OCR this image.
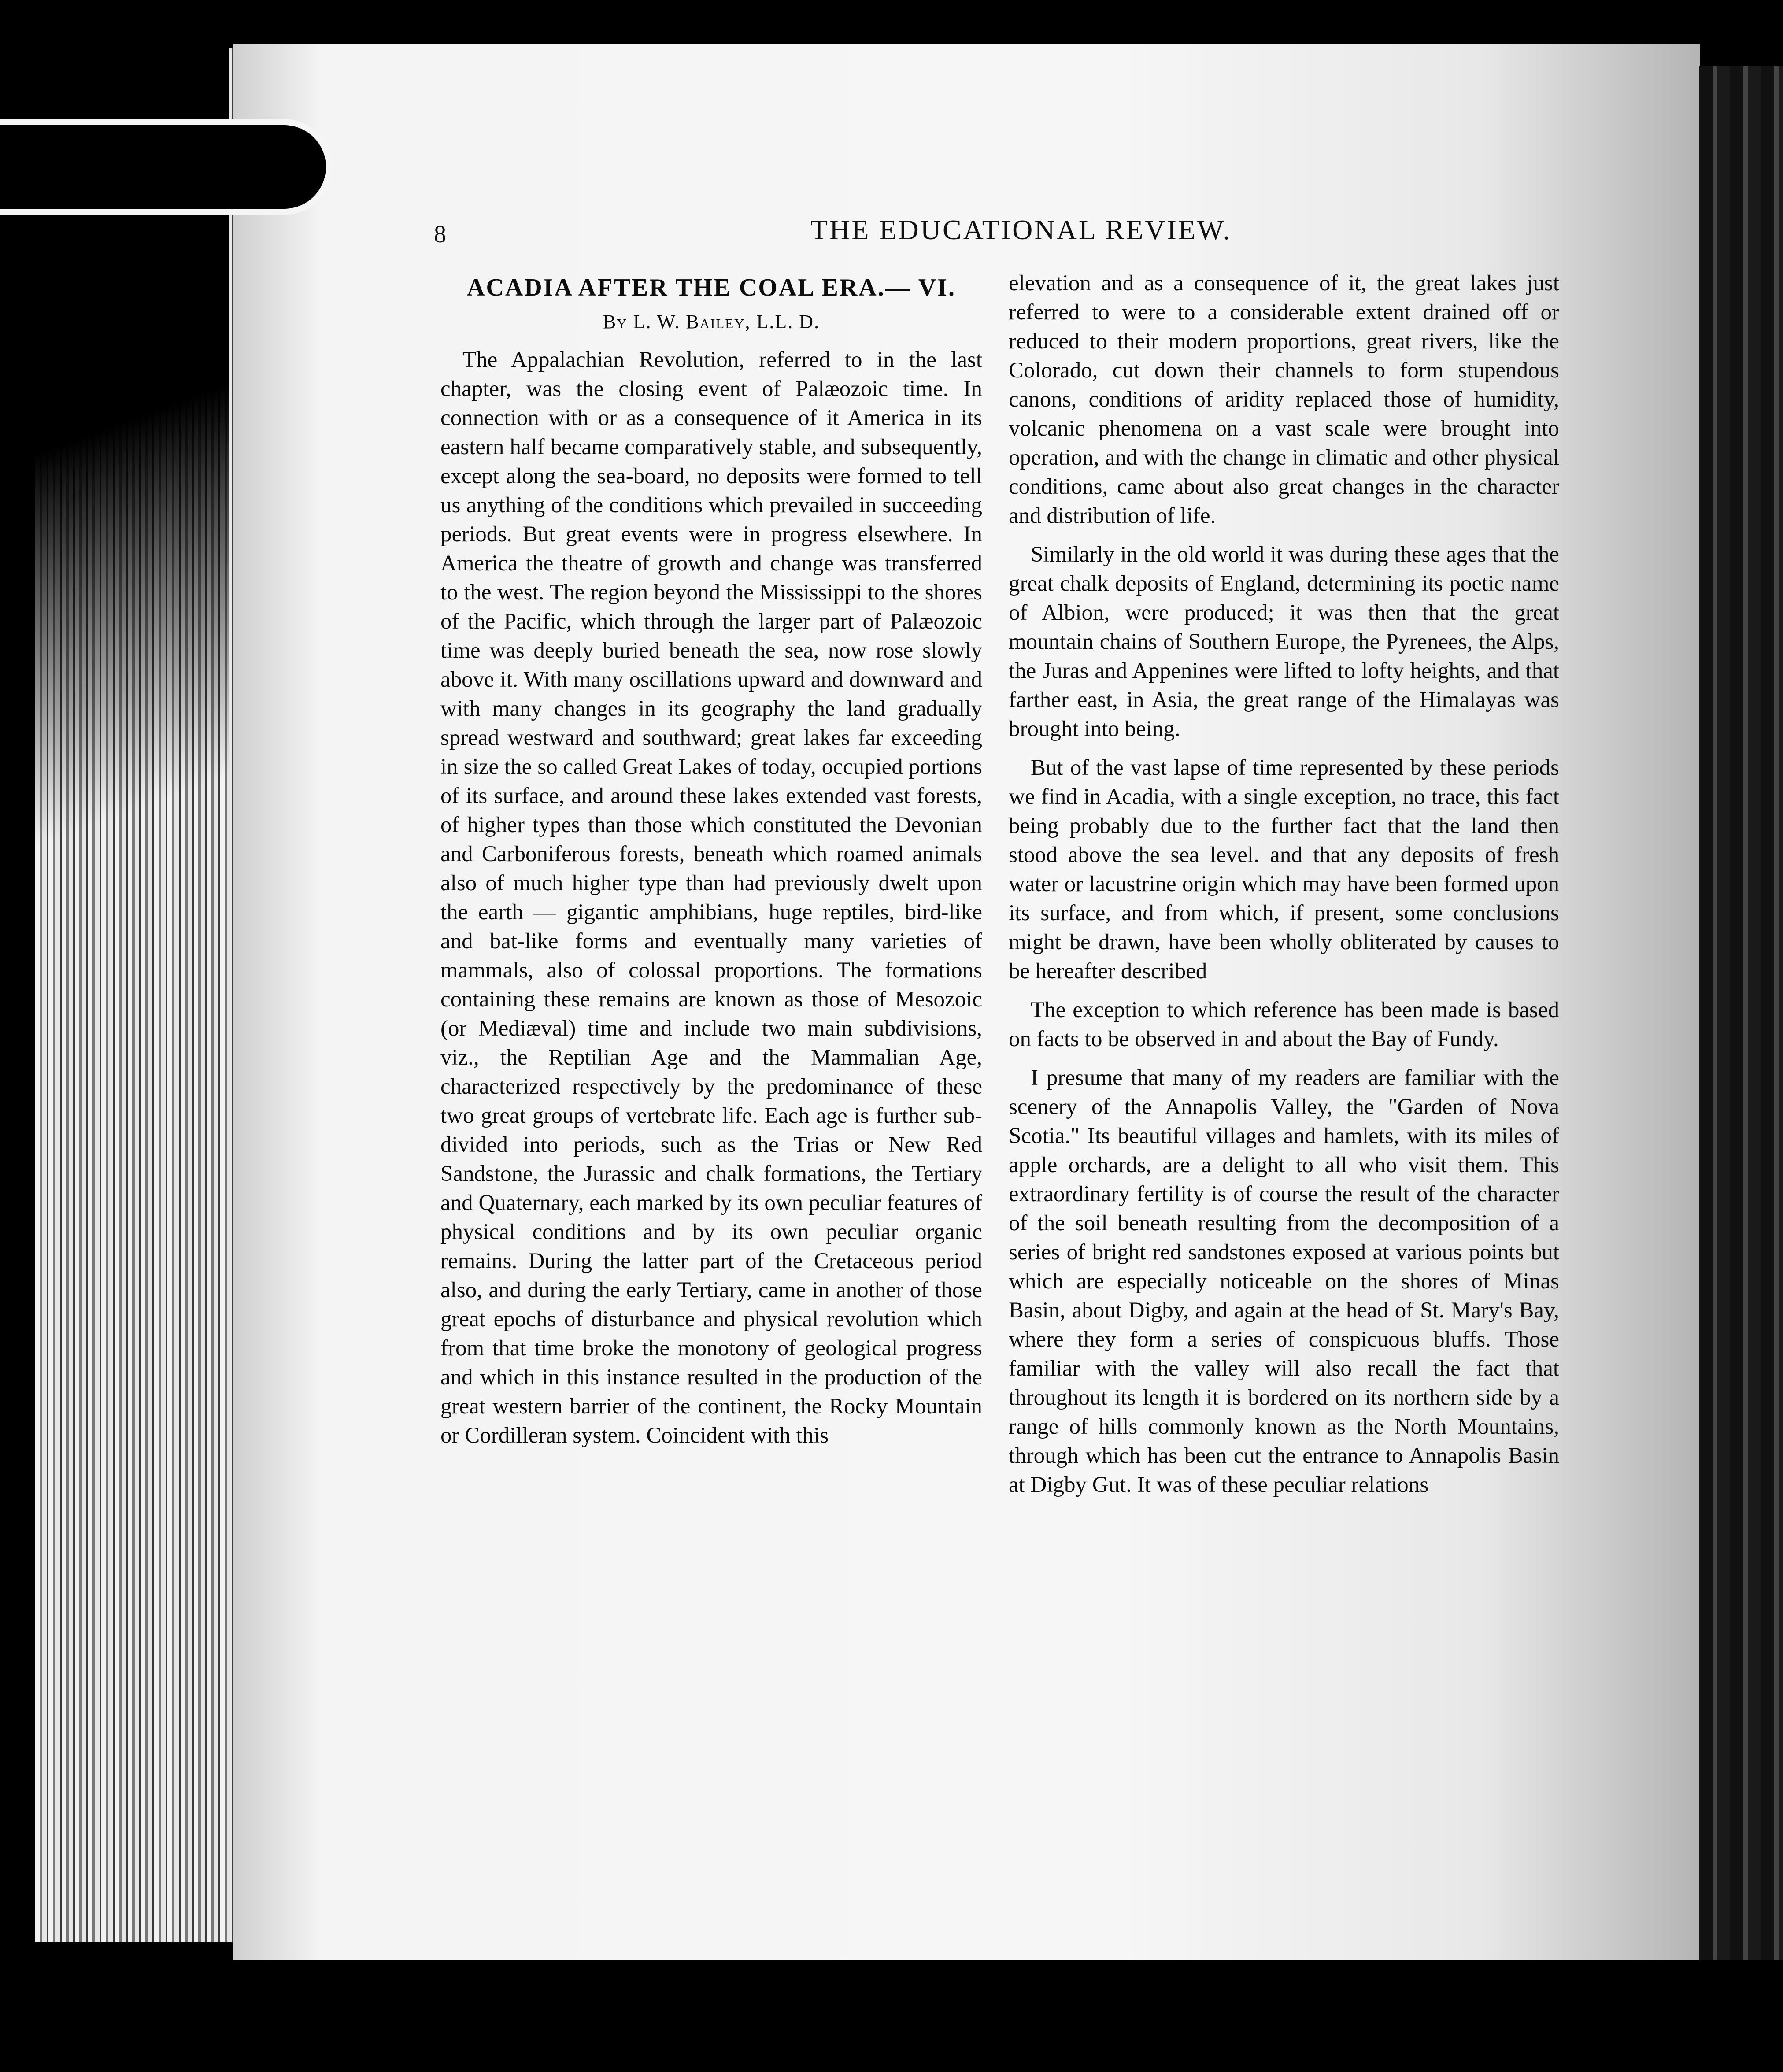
8	THE EDUCATIONAL REVIEW.
ACADIA AFTER THE COAL ERA.— VI.
By L. W. Bailey, L.L. D.

The Appalachian Revolution, referred to in the last chapter, was the closing event of Palæozoic time. In connection with or as a consequence of it America in its eastern half became comparatively stable, and subsequently, except along the sea-board, no deposits were formed to tell us anything of the conditions which prevailed in succeeding periods. But great events were in progress elsewhere. In America the theatre of growth and change was transferred to the west. The region beyond the Mississippi to the shores of the Pacific, which through the larger part of Palæozoic time was deeply buried beneath the sea, now rose slowly above it. With many oscillations upward and downward and with many changes in its geography the land gradually spread westward and southward; great lakes far exceeding in size the so called Great Lakes of today, occupied portions of its surface, and around these lakes extended vast forests, of higher types than those which constituted the Devonian and Carboniferous forests, beneath which roamed animals also of much higher type than had previously dwelt upon the earth — gigantic amphibians, huge reptiles, bird-like and bat-like forms and eventually many varieties of mammals, also of colossal proportions. The formations containing these remains are known as those of Mesozoic (or Mediæval) time and include two main subdivisions, viz., the Reptilian Age and the Mammalian Age, characterized respectively by the predominance of these two great groups of vertebrate life. Each age is further sub-divided into periods, such as the Trias or New Red Sandstone, the Jurassic and chalk formations, the Tertiary and Quaternary, each marked by its own peculiar features of physical conditions and by its own peculiar organic remains. During the latter part of the Cretaceous period also, and during the early Tertiary, came in another of those great epochs of disturbance and physical revolution which from that time broke the monotony of geological progress and which in this instance resulted in the production of the great western barrier of the continent, the Rocky Mountain or Cordilleran system. Coincident with this

elevation and as a consequence of it, the great lakes just referred to were to a considerable extent drained off or reduced to their modern proportions, great rivers, like the Colorado, cut down their channels to form stupendous canons, conditions of aridity replaced those of humidity, volcanic phenomena on a vast scale were brought into operation, and with the change in climatic and other physical conditions, came about also great changes in the character and distribution of life.

Similarly in the old world it was during these ages that the great chalk deposits of England, determining its poetic name of Albion, were produced; it was then that the great mountain chains of Southern Europe, the Pyrenees, the Alps, the Juras and Appenines were lifted to lofty heights, and that farther east, in Asia, the great range of the Himalayas was brought into being.

But of the vast lapse of time represented by these periods we find in Acadia, with a single exception, no trace, this fact being probably due to the further fact that the land then stood above the sea level. and that any deposits of fresh water or lacustrine origin which may have been formed upon its surface, and from which, if present, some conclusions might be drawn, have been wholly obliterated by causes to be hereafter described

The exception to which reference has been made is based on facts to be observed in and about the Bay of Fundy.

I presume that many of my readers are familiar with the scenery of the Annapolis Valley, the "Garden of Nova Scotia." Its beautiful villages and hamlets, with its miles of apple orchards, are a delight to all who visit them. This extraordinary fertility is of course the result of the character of the soil beneath resulting from the decomposition of a series of bright red sandstones exposed at various points but which are especially noticeable on the shores of Minas Basin, about Digby, and again at the head of St. Mary's Bay, where they form a series of conspicuous bluffs. Those familiar with the valley will also recall the fact that throughout its length it is bordered on its northern side by a range of hills commonly known as the North Mountains, through which has been cut the entrance to Annapolis Basin at Digby Gut. It was of these peculiar relations
